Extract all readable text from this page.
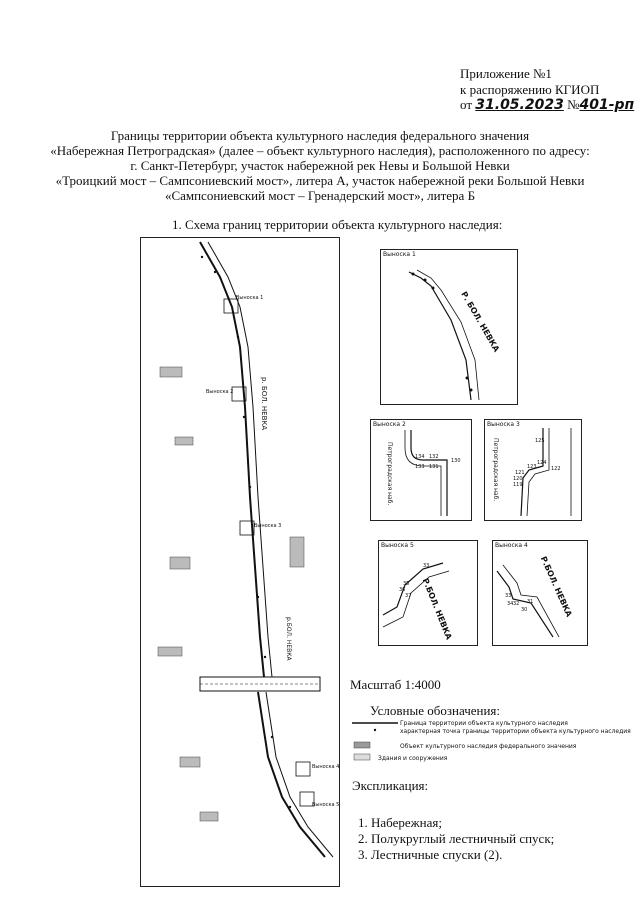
Приложение №1
к распоряжению КГИОП
от 31.05.2023 №401-рп
Границы территории объекта культурного наследия федерального значения
«Набережная Петроградская» (далее – объект культурного наследия), расположенного по адресу:
г. Санкт-Петербург, участок набережной рек Невы и Большой Невки
«Троицкий мост – Сампсониевский мост», литера А, участок набережной реки Большой Невки
«Сампсониевский мост – Гренадерский мост», литера Б
1. Схема границ территории объекта культурного наследия:
р. БОЛ. НЕВКА
р.БОЛ. НЕВКА
Выноска 1
Выноска 2
Выноска 3
Выноска 4
Выноска 5
Выноска 1
Р. БОЛ. НЕВКА
Выноска 2
Петроградская наб.	134 132
130
133 131
Выноска 3
Петроградская наб.	125
124
123
121
122
120
119
Выноска 5
Р.БОЛ. НЕВКА
33
35
36
37
Выноска 4
Р.БОЛ. НЕВКА
33
32 31
34
30
Масштаб 1:4000
Условные обозначения:
Граница территории объекта культурного наследия
характерная точка границы территории объекта культурного наследия
Объект культурного наследия федерального значения
Здания и сооружения
Экспликация:
1. Набережная;
2. Полукруглый лестничный спуск;
3. Лестничные спуски (2).
